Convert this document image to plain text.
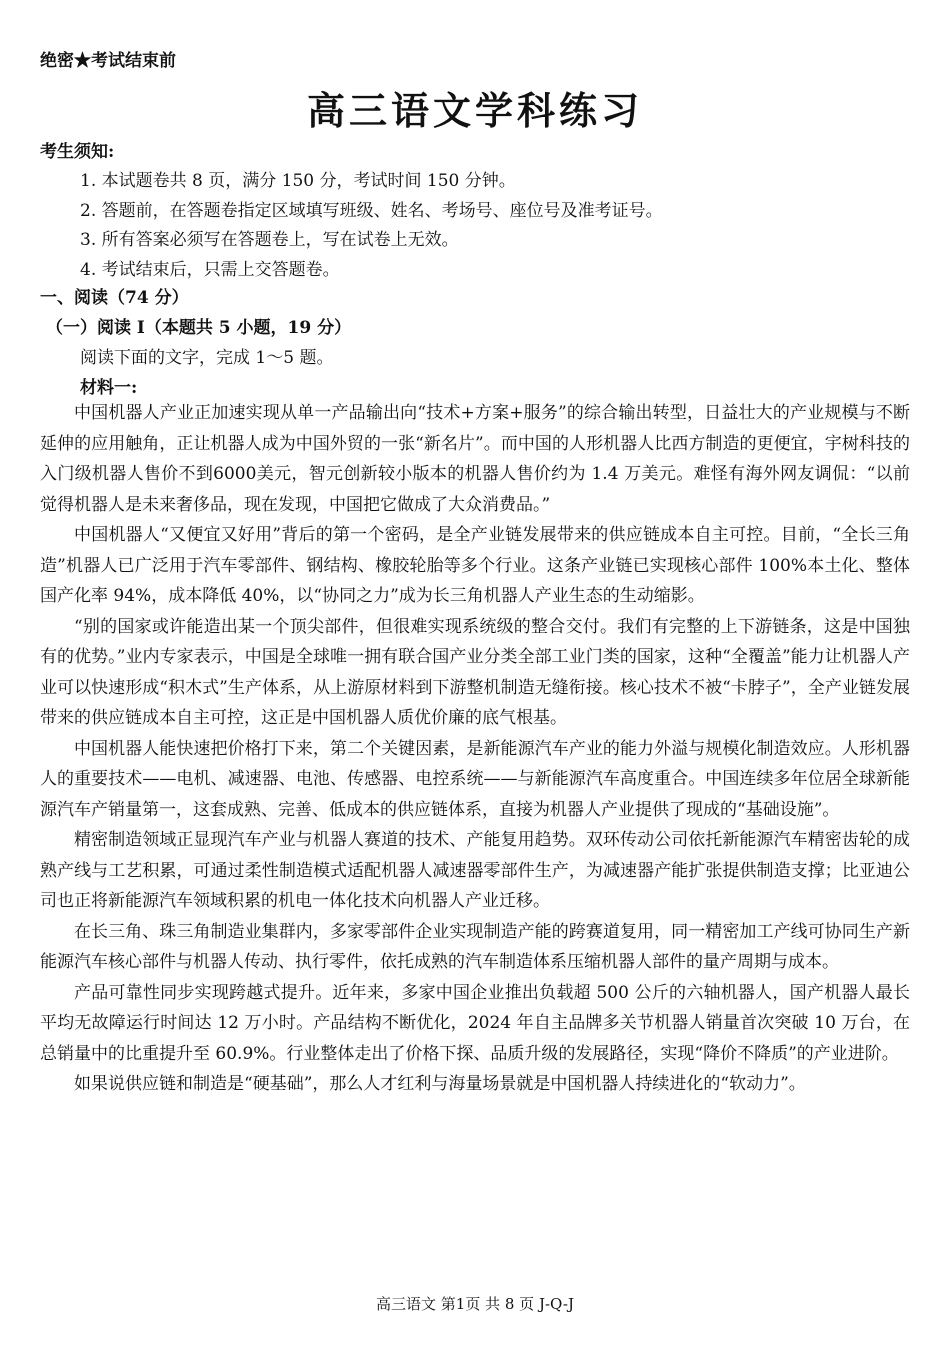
绝密★考试结束前
高三语文学科练习
考生须知:
1. 本试题卷共 8 页，满分 150 分，考试时间 150 分钟。
2. 答题前，在答题卷指定区域填写班级、姓名、考场号、座位号及准考证号。
3. 所有答案必须写在答题卷上，写在试卷上无效。
4. 考试结束后，只需上交答题卷。
一、阅读（74 分）
（一）阅读 I（本题共 5 小题，19 分）
阅读下面的文字，完成 1～5 题。
材料一:

中国机器人产业正加速实现从单一产品输出向“技术+方案+服务”的综合输出转型，日益壮大的产业规模与不断延伸的应用触角，正让机器人成为中国外贸的一张“新名片”。而中国的人形机器人比西方制造的更便宜，宇树科技的入门级机器人售价不到6000美元，智元创新较小版本的机器人售价约为 1.4 万美元。难怪有海外网友调侃：“以前觉得机器人是未来奢侈品，现在发现，中国把它做成了大众消费品。”

中国机器人“又便宜又好用”背后的第一个密码，是全产业链发展带来的供应链成本自主可控。目前，“全长三角造”机器人已广泛用于汽车零部件、钢结构、橡胶轮胎等多个行业。这条产业链已实现核心部件 100%本土化、整体国产化率 94%，成本降低 40%，以“协同之力”成为长三角机器人产业生态的生动缩影。

“别的国家或许能造出某一个顶尖部件，但很难实现系统级的整合交付。我们有完整的上下游链条，这是中国独有的优势。”业内专家表示，中国是全球唯一拥有联合国产业分类全部工业门类的国家，这种“全覆盖”能力让机器人产业可以快速形成“积木式”生产体系，从上游原材料到下游整机制造无缝衔接。核心技术不被“卡脖子”，全产业链发展带来的供应链成本自主可控，这正是中国机器人质优价廉的底气根基。

中国机器人能快速把价格打下来，第二个关键因素，是新能源汽车产业的能力外溢与规模化制造效应。人形机器人的重要技术——电机、减速器、电池、传感器、电控系统——与新能源汽车高度重合。中国连续多年位居全球新能源汽车产销量第一，这套成熟、完善、低成本的供应链体系，直接为机器人产业提供了现成的“基础设施”。

精密制造领域正显现汽车产业与机器人赛道的技术、产能复用趋势。双环传动公司依托新能源汽车精密齿轮的成熟产线与工艺积累，可通过柔性制造模式适配机器人减速器零部件生产，为减速器产能扩张提供制造支撑；比亚迪公司也正将新能源汽车领域积累的机电一体化技术向机器人产业迁移。

在长三角、珠三角制造业集群内，多家零部件企业实现制造产能的跨赛道复用，同一精密加工产线可协同生产新能源汽车核心部件与机器人传动、执行零件，依托成熟的汽车制造体系压缩机器人部件的量产周期与成本。

产品可靠性同步实现跨越式提升。近年来，多家中国企业推出负载超 500 公斤的六轴机器人，国产机器人最长平均无故障运行时间达 12 万小时。产品结构不断优化，2024 年自主品牌多关节机器人销量首次突破 10 万台，在总销量中的比重提升至 60.9%。行业整体走出了价格下探、品质升级的发展路径，实现“降价不降质”的产业进阶。

如果说供应链和制造是“硬基础”，那么人才红利与海量场景就是中国机器人持续进化的“软动力”。

高三语文 第1页 共 8 页 J-Q-J
